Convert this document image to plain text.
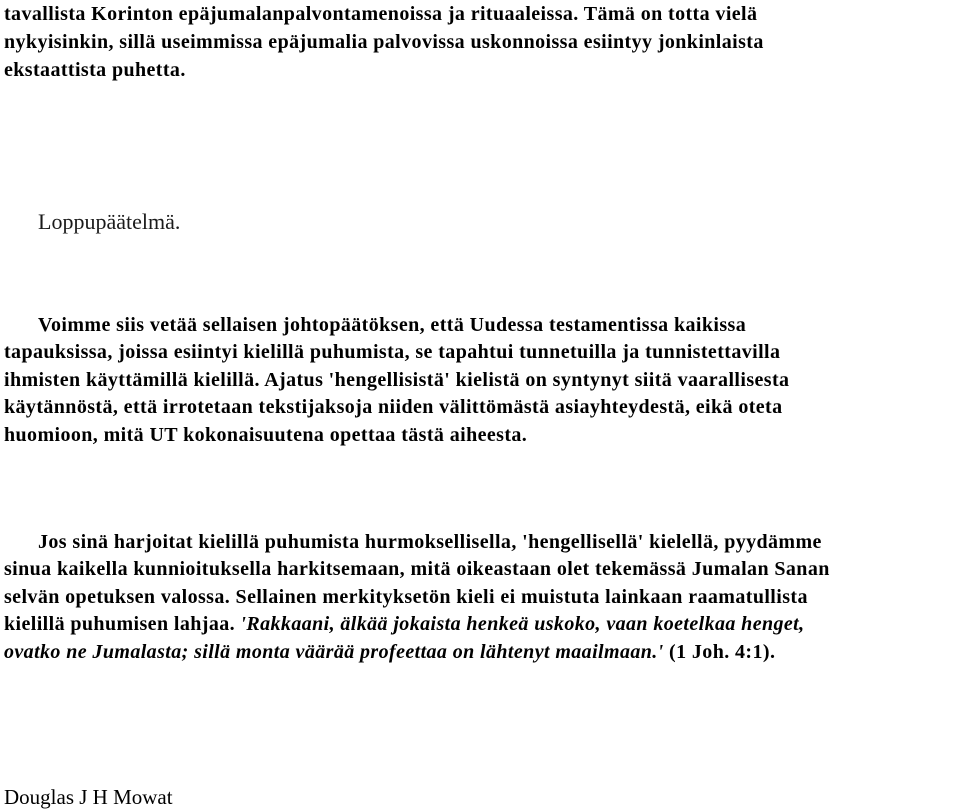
tavallista Korinton epäjumalanpalvontamenoissa ja rituaaleissa. Tämä on totta vielä
nykyisinkin, sillä useimmissa epäjumalia palvovissa uskonnoissa esiintyy jonkinlaista
ekstaattista puhetta.

Loppupäätelmä.

Voimme siis vetää sellaisen johtopäätöksen, että Uudessa testamentissa kaikissa
tapauksissa, joissa esiintyi kielillä puhumista, se tapahtui tunnetuilla ja tunnistettavilla
ihmisten käyttämillä kielillä. Ajatus 'hengellisistä' kielistä on syntynyt siitä vaarallisesta
käytännöstä, että irrotetaan tekstijaksoja niiden välittömästä asiayhteydestä, eikä oteta
huomioon, mitä UT kokonaisuutena opettaa tästä aiheesta.

Jos sinä harjoitat kielillä puhumista hurmoksellisella, 'hengellisellä' kielellä, pyydämme
sinua kaikella kunnioituksella harkitsemaan, mitä oikeastaan olet tekemässä Jumalan Sanan
selvän opetuksen valossa. Sellainen merkityksetön kieli ei muistuta lainkaan raamatullista
kielillä puhumisen lahjaa. 'Rakkaani, älkää jokaista henkeä uskoko, vaan koetelkaa henget,
ovatko ne Jumalasta; sillä monta väärää profeettaa on lähtenyt maailmaan.' (1 Joh. 4:1).

Douglas J H Mowat
